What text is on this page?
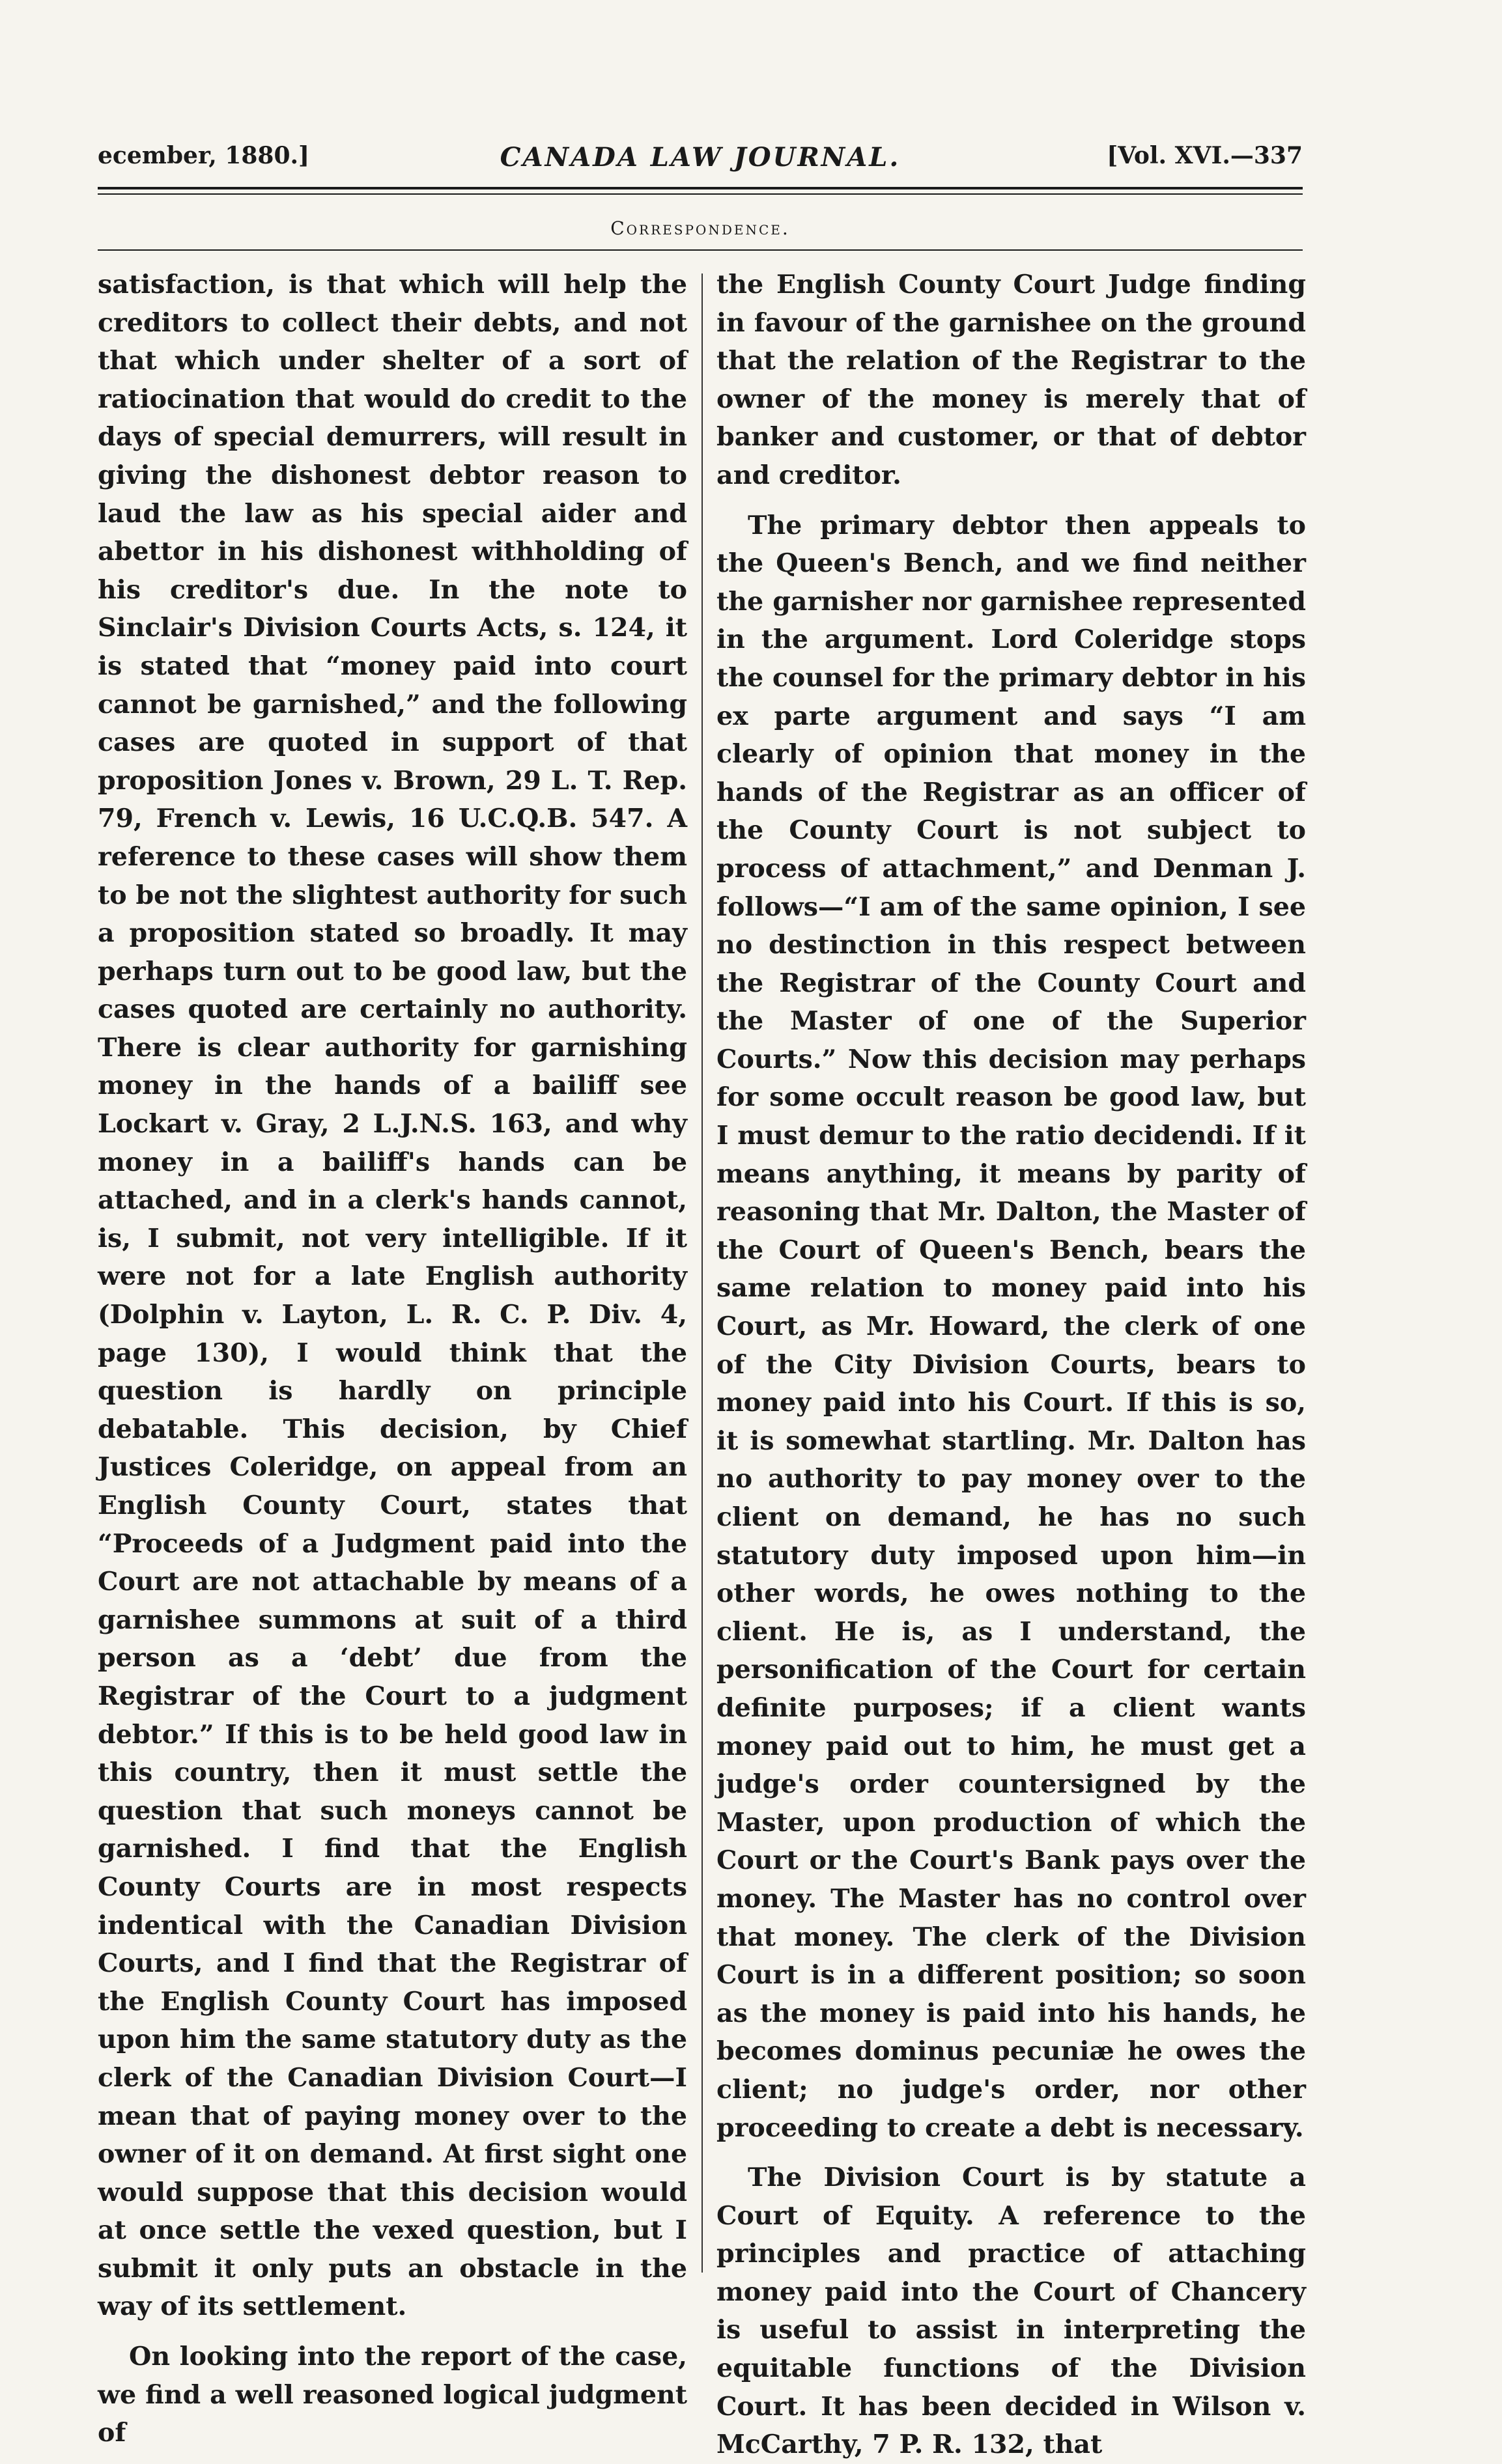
ecember, 1880.]	CANADA LAW JOURNAL.	[Vol. XVI.—337
Correspondence.

satisfaction, is that which will help the creditors to collect their debts, and not that which under shelter of a sort of ratiocination that would do credit to the days of special demurrers, will result in giving the dishonest debtor reason to laud the law as his special aider and abettor in his dishonest withholding of his creditor's due. In the note to Sinclair's Division Courts Acts, s. 124, it is stated that “money paid into court cannot be garnished,” and the following cases are quoted in support of that proposition Jones v. Brown, 29 L. T. Rep. 79, French v. Lewis, 16 U.C.Q.B. 547. A reference to these cases will show them to be not the slightest authority for such a proposition stated so broadly. It may perhaps turn out to be good law, but the cases quoted are certainly no authority. There is clear authority for garnishing money in the hands of a bailiff see Lockart v. Gray, 2 L.J.N.S. 163, and why money in a bailiff's hands can be attached, and in a clerk's hands cannot, is, I submit, not very intelligible. If it were not for a late English authority (Dolphin v. Layton, L. R. C. P. Div. 4, page 130), I would think that the question is hardly on principle debatable. This decision, by Chief Justices Coleridge, on appeal from an English County Court, states that “Proceeds of a Judgment paid into the Court are not attachable by means of a garnishee summons at suit of a third person as a ‘debt’ due from the Registrar of the Court to a judgment debtor.” If this is to be held good law in this country, then it must settle the question that such moneys cannot be garnished. I find that the English County Courts are in most respects indentical with the Canadian Division Courts, and I find that the Registrar of the English County Court has imposed upon him the same statutory duty as the clerk of the Canadian Division Court—I mean that of paying money over to the owner of it on demand. At first sight one would suppose that this decision would at once settle the vexed question, but I submit it only puts an obstacle in the way of its settlement.

On looking into the report of the case, we find a well reasoned logical judgment of

the English County Court Judge finding in favour of the garnishee on the ground that the relation of the Registrar to the owner of the money is merely that of banker and customer, or that of debtor and creditor.

The primary debtor then appeals to the Queen's Bench, and we find neither the garnisher nor garnishee represented in the argument. Lord Coleridge stops the counsel for the primary debtor in his ex parte argument and says “I am clearly of opinion that money in the hands of the Registrar as an officer of the County Court is not subject to process of attachment,” and Denman J. follows—“I am of the same opinion, I see no destinction in this respect between the Registrar of the County Court and the Master of one of the Superior Courts.” Now this decision may perhaps for some occult reason be good law, but I must demur to the ratio decidendi. If it means anything, it means by parity of reasoning that Mr. Dalton, the Master of the Court of Queen's Bench, bears the same relation to money paid into his Court, as Mr. Howard, the clerk of one of the City Division Courts, bears to money paid into his Court. If this is so, it is somewhat startling. Mr. Dalton has no authority to pay money over to the client on demand, he has no such statutory duty imposed upon him—in other words, he owes nothing to the client. He is, as I understand, the personification of the Court for certain definite purposes; if a client wants money paid out to him, he must get a judge's order countersigned by the Master, upon production of which the Court or the Court's Bank pays over the money. The Master has no control over that money. The clerk of the Division Court is in a different position; so soon as the money is paid into his hands, he becomes dominus pecuniæ he owes the client; no judge's order, nor other proceeding to create a debt is necessary.

The Division Court is by statute a Court of Equity. A reference to the principles and practice of attaching money paid into the Court of Chancery is useful to assist in interpreting the equitable functions of the Division Court. It has been decided in Wilson v. McCarthy, 7 P. R. 132, that
